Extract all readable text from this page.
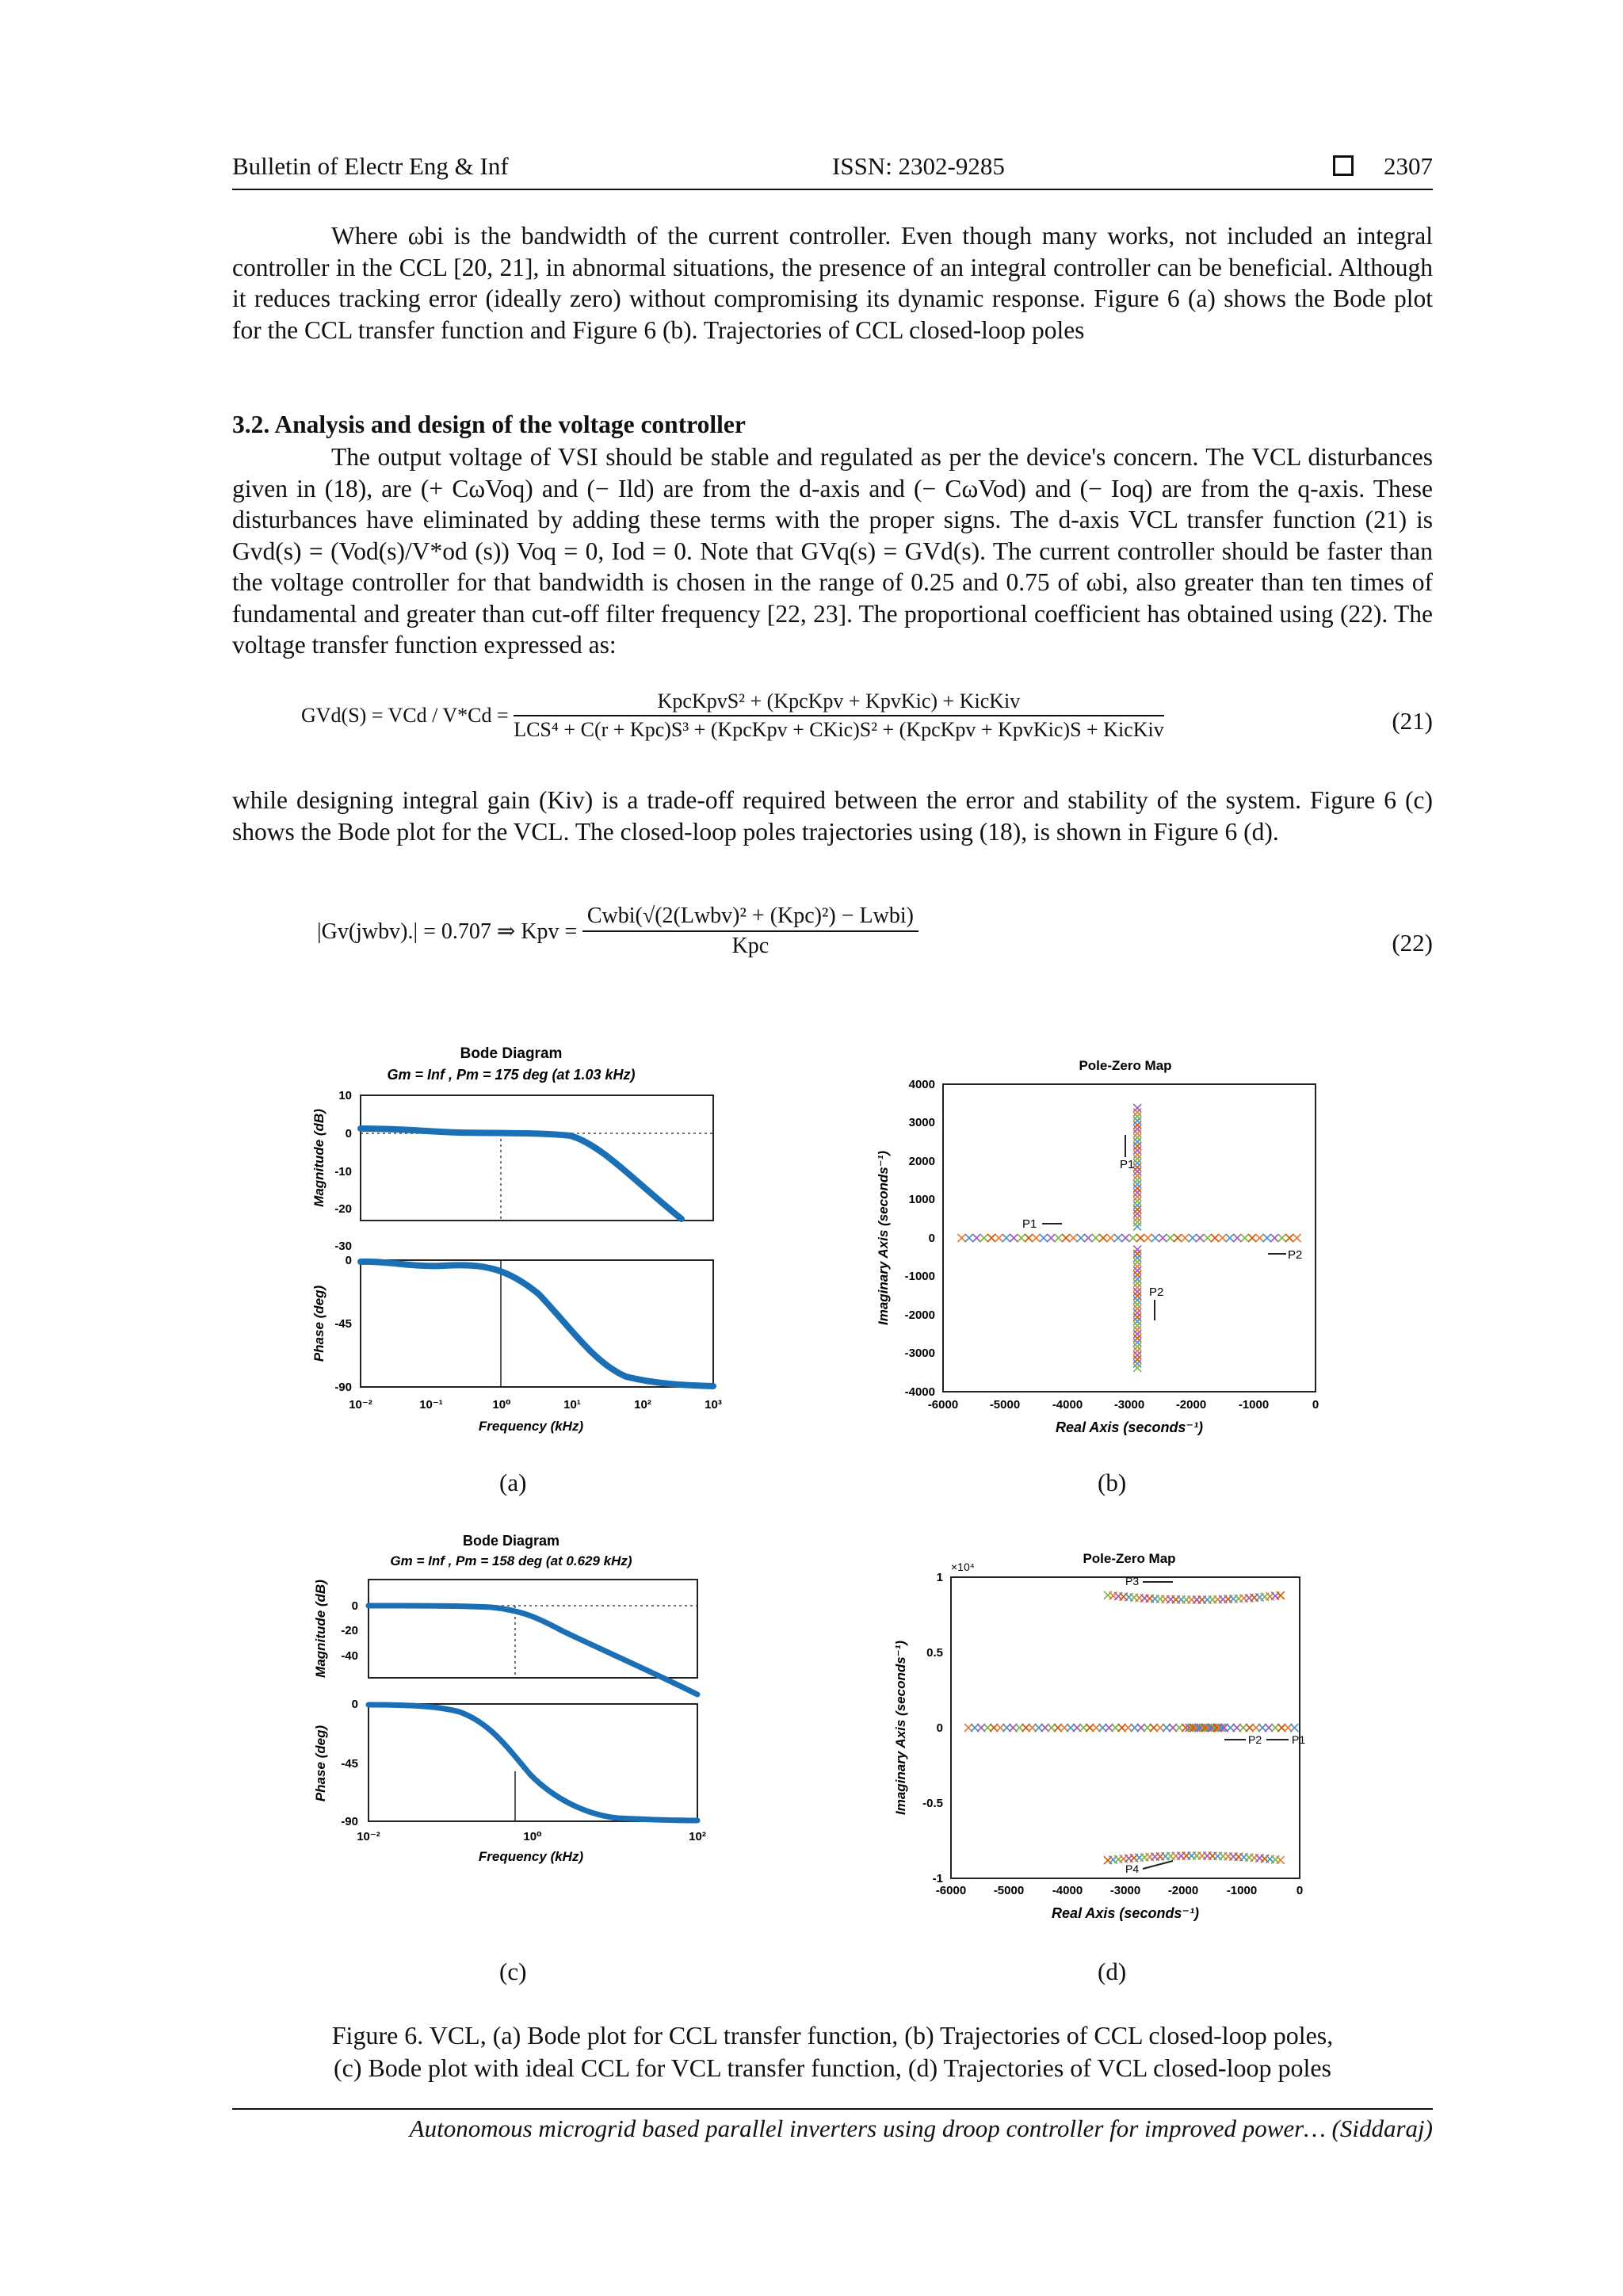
Bulletin of Electr Eng & Inf	ISSN: 2302-9285	2307

Where ωbi is the bandwidth of the current controller. Even though many works, not included an integral controller in the CCL [20, 21], in abnormal situations, the presence of an integral controller can be beneficial. Although it reduces tracking error (ideally zero) without compromising its dynamic response. Figure 6 (a) shows the Bode plot for the CCL transfer function and Figure 6 (b). Trajectories of CCL closed-loop poles

3.2. Analysis and design of the voltage controller

The output voltage of VSI should be stable and regulated as per the device's concern. The VCL disturbances given in (18), are (+ CωVoq) and (− Ild) are from the d-axis and (− CωVod) and (− Ioq) are from the q-axis. These disturbances have eliminated by adding these terms with the proper signs. The d-axis VCL transfer function (21) is Gvd(s) = (Vod(s)/V*od (s)) Voq = 0, Iod = 0. Note that GVq(s) = GVd(s). The current controller should be faster than the voltage controller for that bandwidth is chosen in the range of 0.25 and 0.75 of ωbi, also greater than ten times of fundamental and greater than cut-off filter frequency [22, 23]. The proportional coefficient has obtained using (22). The voltage transfer function expressed as:

GVd(S) = VCd / V*Cd =
KpcKpvS² + (KpcKpv + KpvKic) + KicKiv
LCS⁴ + C(r + Kpc)S³ + (KpcKpv + CKic)S² + (KpcKpv + KpvKic)S + KicKiv	(21)

while designing integral gain (Kiv) is a trade-off required between the error and stability of the system. Figure 6 (c) shows the Bode plot for the VCL. The closed-loop poles trajectories using (18), is shown in Figure 6 (d).

|Gv(jwbv).| = 0.707 ⇒ Kpv = $\frac{\text{Cwbi(√(2(Lwbv)² + (Kpc)²) − Lwbi)}}{\text{Kpc}}$	(22)
Bode Diagram
Gm = Inf , Pm = 175 deg (at 1.03 kHz)
10
0
-10
-20
-30
0
-45
-90
10⁻²	10⁻¹	10⁰	10¹	10²	10³
Frequency (kHz)
Magnitude (dB)
Phase (deg)
(a)
Pole-Zero Map
P1
P1
P2
P2
4000
3000
2000
1000
0
-1000
-2000
-3000
-4000
-6000	-5000	-4000	-3000	-2000	-1000	0
Real Axis (seconds⁻¹)
Imaginary Axis (seconds⁻¹)
(b)
Bode Diagram
Gm = Inf , Pm = 158 deg (at 0.629 kHz)
0
-20
-40
0
-45
-90
10⁻²	10⁰	10²
Frequency (kHz)
Magnitude (dB)
Phase (deg)
(c)
Pole-Zero Map
×10⁴
P3
P2	P1
P4
1
0.5
0
-0.5
-1
-6000 -5000 -4000 -3000 -2000 -1000	0
Real Axis (seconds⁻¹)
Imaginary Axis (seconds⁻¹)
(d)
Figure 6. VCL, (a) Bode plot for CCL transfer function, (b) Trajectories of CCL closed-loop poles,
(c) Bode plot with ideal CCL for VCL transfer function, (d) Trajectories of VCL closed-loop poles
Autonomous microgrid based parallel inverters using droop controller for improved power… (Siddaraj)
